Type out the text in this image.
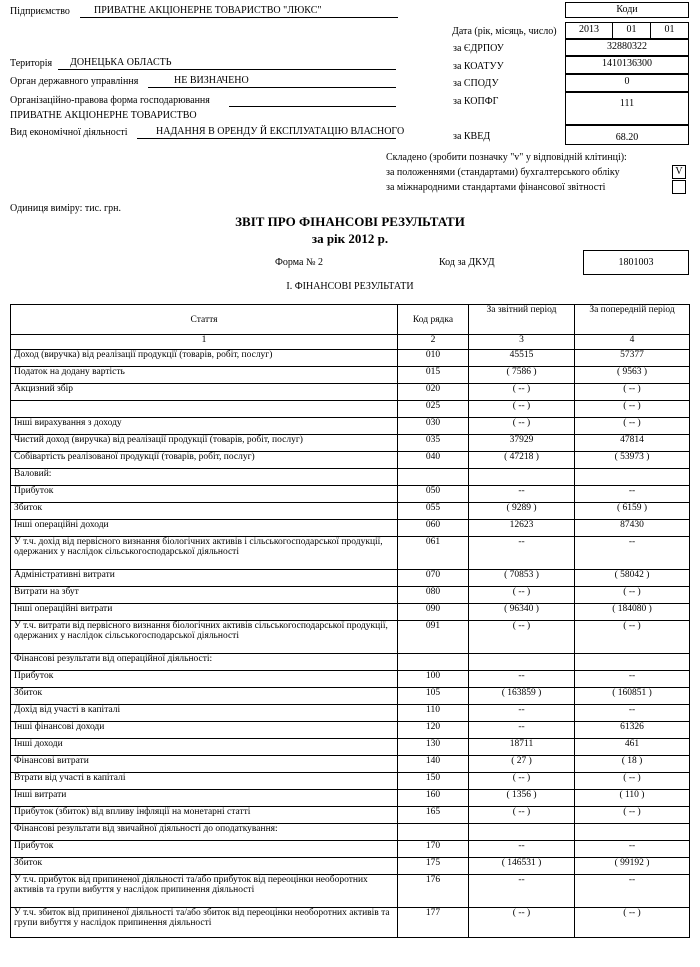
Підприємство ПРИВАТНЕ АКЦІОНЕРНЕ ТОВАРИСТВО "ЛЮКС"
Територія ДОНЕЦЬКА ОБЛАСТЬ
Орган державного управління	НЕ ВИЗНАЧЕНО
Організаційно-правова форма господарювання
ПРИВАТНЕ АКЦІОНЕРНЕ ТОВАРИСТВО
Вид економічної діяльності	НАДАННЯ В ОРЕНДУ Й ЕКСПЛУАТАЦІЮ ВЛАСНОГО
Одиниця виміру: тис. грн.
Коди
Дата (рік, місяць, число)	2013	01	01
за ЄДРПОУ	32880322
за КОАТУУ	1410136300
за СПОДУ	0
за КОПФГ	111
за КВЕД	68.20
Складено (зробити позначку "v" у відповідній клітинці):
за положеннями (стандартами) бухгалтерського обліку
за міжнародними стандартами фінансової звітності
V
ЗВІТ ПРО ФІНАНСОВІ РЕЗУЛЬТАТИ
за рік 2012 р.
Форма № 2	Код за ДКУД	1801003
I. ФІНАНСОВІ РЕЗУЛЬТАТИ
Стаття	Код рядка	За звітний період	За попередній період
1	2	3	4
Доход (виручка) від реалізації продукції (товарів, робіт, послуг)	010	45515	57377
Податок на додану вартість	015	( 7586 )	( 9563 )
Акцизний збір	020	( -- )	( -- )
	025	( -- )	( -- )
Інші вирахування з доходу	030	( -- )	( -- )
Чистий доход (виручка) від реалізації продукції (товарів, робіт, послуг)	035	37929	47814
Собівартість реалізованої продукції (товарів, робіт, послуг)	040	( 47218 )	( 53973 )
Валовий:			
Прибуток	050	--	--
Збиток	055	( 9289 )	( 6159 )
Інші операційні доходи	060	12623	87430
У т.ч. дохід від первісного визнання біологічних активів і сільськогосподарської продукції, одержаних у наслідок сільськогосподарської діяльності	061	--	--
Адміністративні витрати	070	( 70853 )	( 58042 )
Витрати на збут	080	( -- )	( -- )
Інші операційні витрати	090	( 96340 )	( 184080 )
У т.ч. витрати від первісного визнання біологічних активів сільськогосподарської продукції, одержаних у наслідок сільськогосподарської діяльності	091	( -- )	( -- )
Фінансові результати від операційної діяльності:			
Прибуток	100	--	--
Збиток	105	( 163859 )	( 160851 )
Дохід від участі в капіталі	110	--	--
Інші фінансові доходи	120	--	61326
Інші доходи	130	18711	461
Фінансові витрати	140	( 27 )	( 18 )
Втрати від участі в капіталі	150	( -- )	( -- )
Інші витрати	160	( 1356 )	( 110 )
Прибуток (збиток) від впливу інфляції на монетарні статті	165	( -- )	( -- )
Фінансові результати від звичайної діяльності до оподаткування:			
Прибуток	170	--	--
Збиток	175	( 146531 )	( 99192 )
У т.ч. прибуток від припиненої діяльності та/або прибуток від переоцінки необоротних активів та групи вибуття у наслідок припинення діяльності	176	--	--
У т.ч. збиток від припиненої діяльності та/або збиток від переоцінки необоротних активів та групи вибуття у наслідок припинення діяльності	177	( -- )	( -- )
